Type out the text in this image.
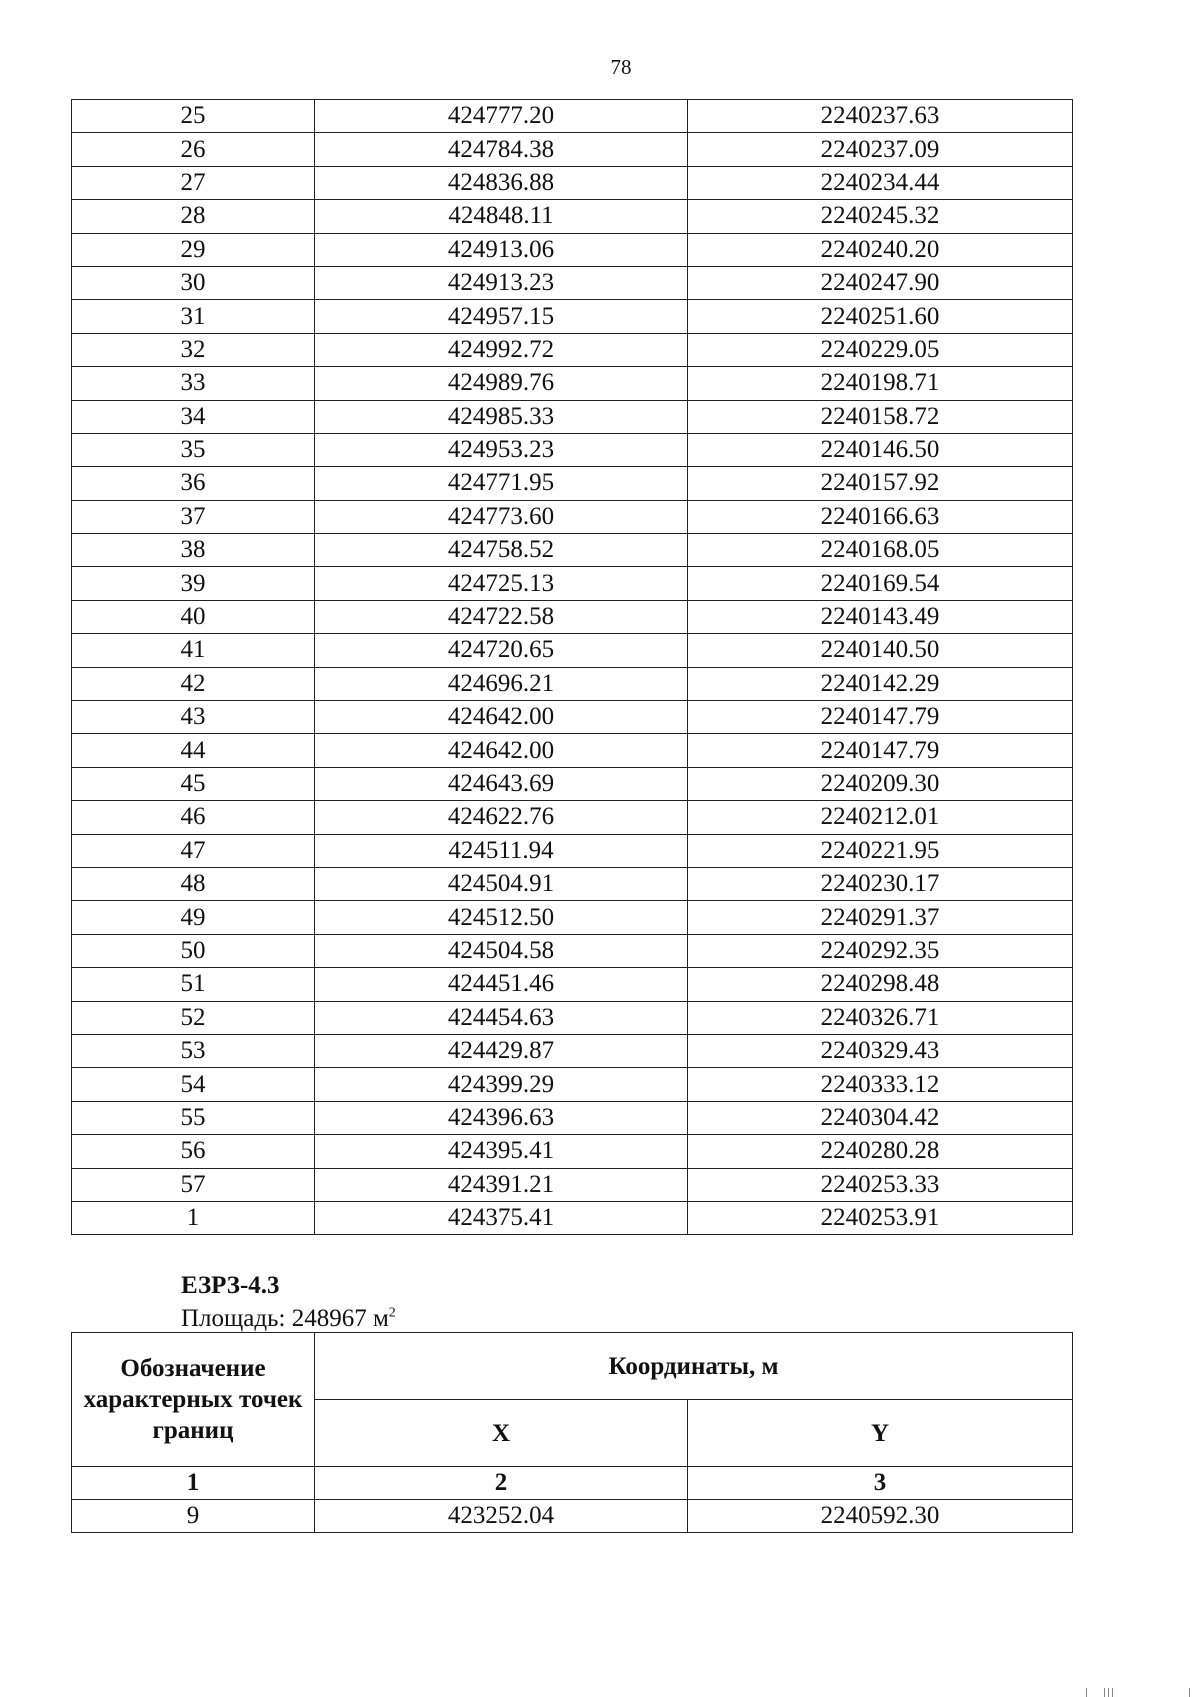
78
25	424777.20	2240237.63
26	424784.38	2240237.09
27	424836.88	2240234.44
28	424848.11	2240245.32
29	424913.06	2240240.20
30	424913.23	2240247.90
31	424957.15	2240251.60
32	424992.72	2240229.05
33	424989.76	2240198.71
34	424985.33	2240158.72
35	424953.23	2240146.50
36	424771.95	2240157.92
37	424773.60	2240166.63
38	424758.52	2240168.05
39	424725.13	2240169.54
40	424722.58	2240143.49
41	424720.65	2240140.50
42	424696.21	2240142.29
43	424642.00	2240147.79
44	424642.00	2240147.79
45	424643.69	2240209.30
46	424622.76	2240212.01
47	424511.94	2240221.95
48	424504.91	2240230.17
49	424512.50	2240291.37
50	424504.58	2240292.35
51	424451.46	2240298.48
52	424454.63	2240326.71
53	424429.87	2240329.43
54	424399.29	2240333.12
55	424396.63	2240304.42
56	424395.41	2240280.28
57	424391.21	2240253.33
1	424375.41	2240253.91
ЕЗРЗ-4.3
Площадь: 248967 $м^2$
Обозначение характерных точек границ	Координаты, м	
	X	Y
1	2	3
9	423252.04	2240592.30
